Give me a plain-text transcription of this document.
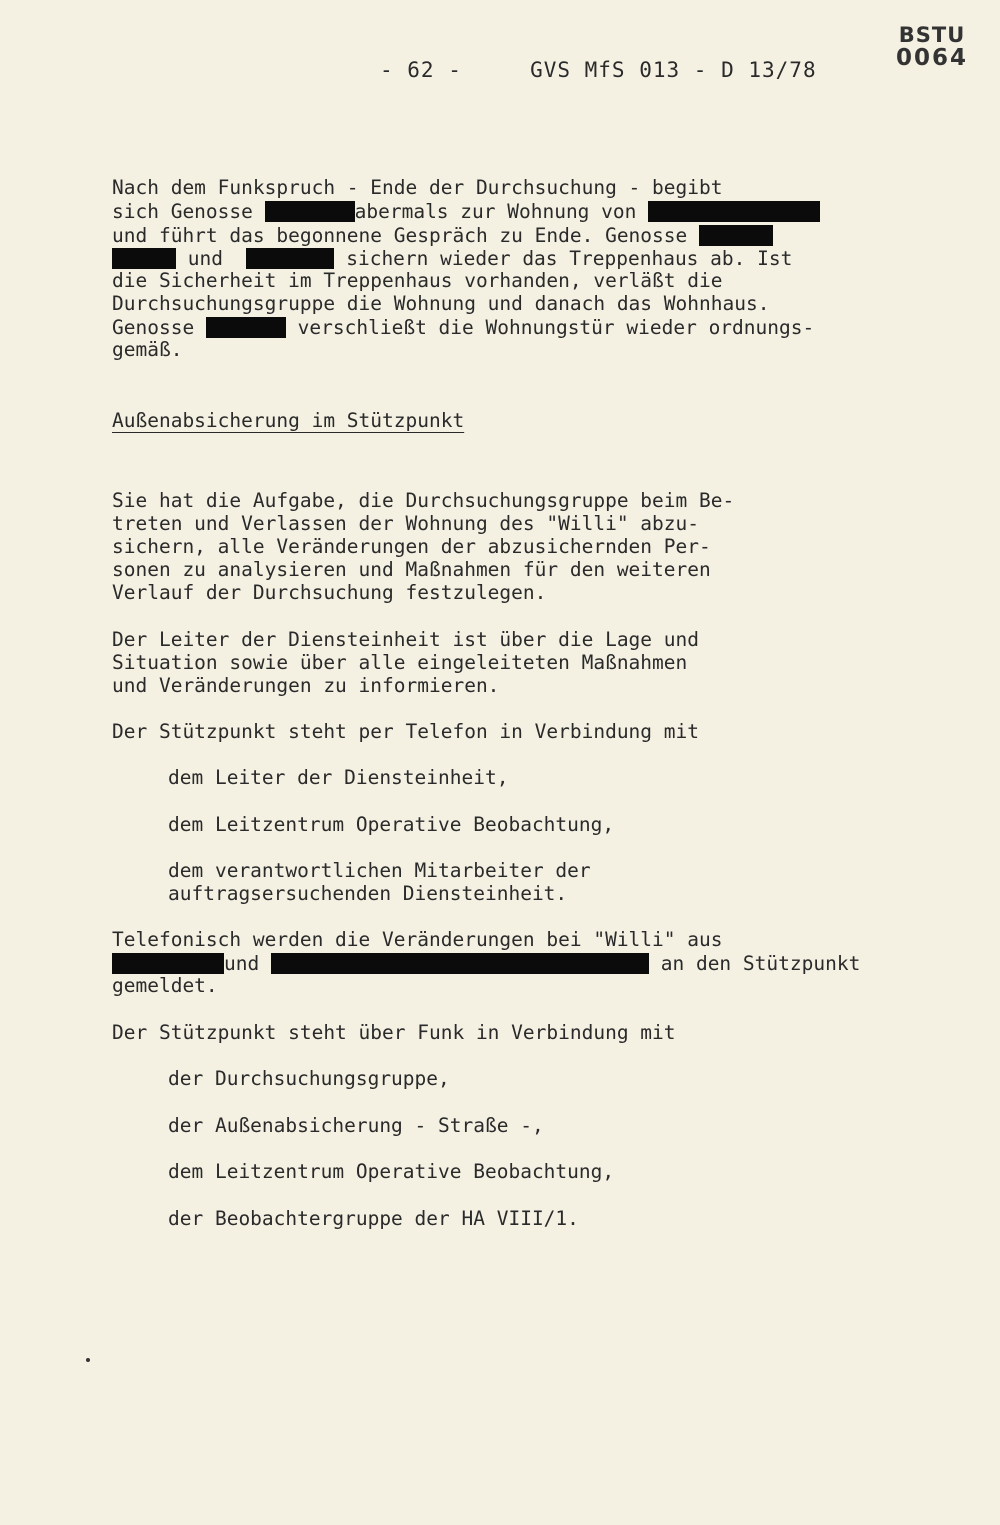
- 62 -	GVS MfS 013 - D 13/78
BSTU
0064
Nach dem Funkspruch - Ende der Durchsuchung - begibt
sich Genosse	abermals zur Wohnung von
und führt das begonnene Gespräch zu Ende. Genosse
und	sichern wieder das Treppenhaus ab. Ist
die Sicherheit im Treppenhaus vorhanden, verläßt die
Durchsuchungsgruppe die Wohnung und danach das Wohnhaus.
Genosse	verschließt die Wohnungstür wieder ordnungs-
gemäß.
Außenabsicherung im Stützpunkt
Sie hat die Aufgabe, die Durchsuchungsgruppe beim Be-
treten und Verlassen der Wohnung des "Willi" abzu-
sichern, alle Veränderungen der abzusichernden Per-
sonen zu analysieren und Maßnahmen für den weiteren
Verlauf der Durchsuchung festzulegen.
Der Leiter der Diensteinheit ist über die Lage und
Situation sowie über alle eingeleiteten Maßnahmen
und Veränderungen zu informieren.
Der Stützpunkt steht per Telefon in Verbindung mit
dem Leiter der Diensteinheit,
dem Leitzentrum Operative Beobachtung,
dem verantwortlichen Mitarbeiter der
auftragsersuchenden Diensteinheit.
Telefonisch werden die Veränderungen bei "Willi" aus
und	an den Stützpunkt
gemeldet.
Der Stützpunkt steht über Funk in Verbindung mit
der Durchsuchungsgruppe,
der Außenabsicherung - Straße -,
dem Leitzentrum Operative Beobachtung,
der Beobachtergruppe der HA VIII/1.
